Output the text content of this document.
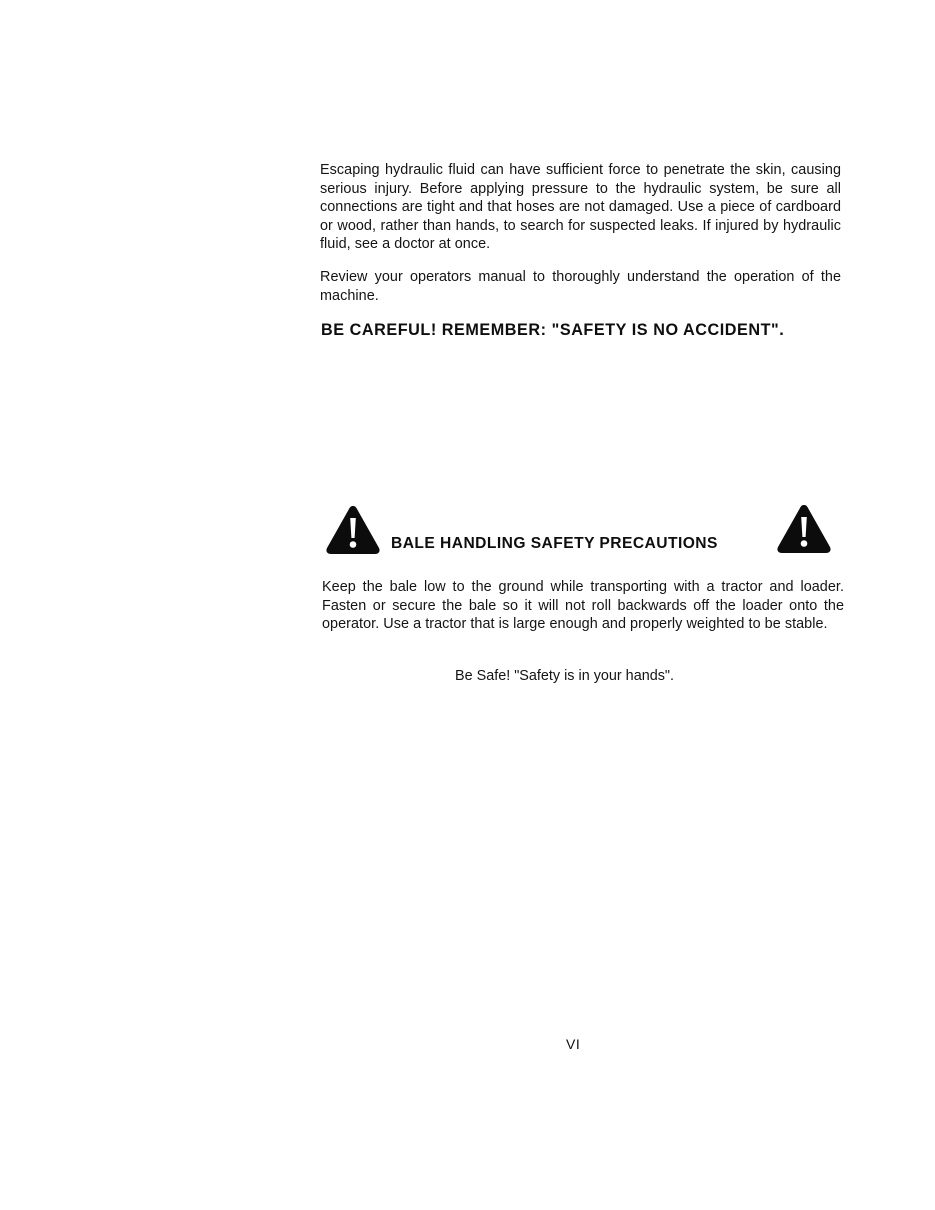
Escaping hydraulic fluid can have sufficient force to penetrate the skin, causing serious injury. Before applying pressure to the hydraulic system, be sure all connections are tight and that hoses are not damaged. Use a piece of cardboard or wood, rather than hands, to search for suspected leaks. If injured by hydraulic fluid, see a doctor at once.

Review your operators manual to thoroughly understand the operation of the machine.

BE CAREFUL! REMEMBER: "SAFETY IS NO ACCIDENT".

BALE HANDLING SAFETY PRECAUTIONS

Keep the bale low to the ground while transporting with a tractor and loader. Fasten or secure the bale so it will not roll backwards off the loader onto the operator. Use a tractor that is large enough and properly weighted to be stable.

Be Safe! "Safety is in your hands".

VI
